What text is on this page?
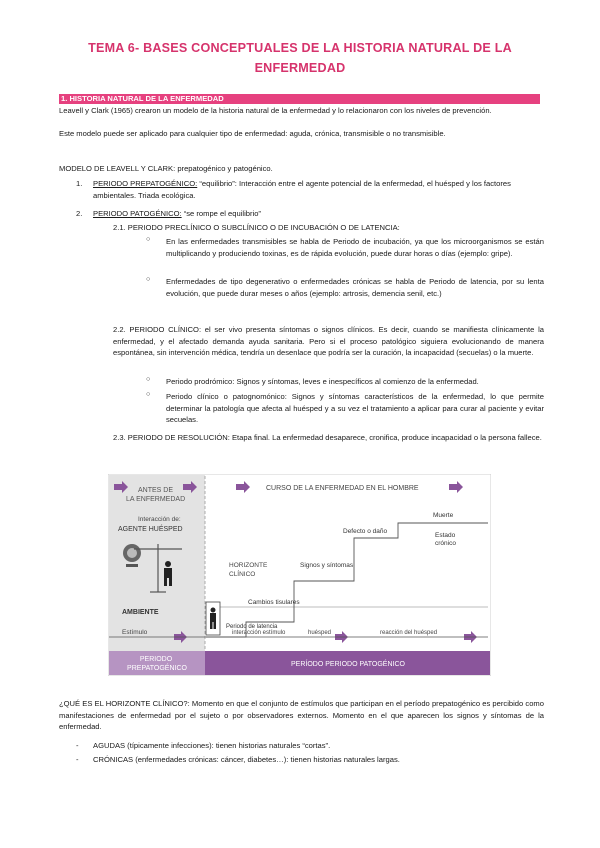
TEMA 6- BASES CONCEPTUALES DE LA HISTORIA NATURAL DE LA ENFERMEDAD
1. HISTORIA NATURAL DE LA ENFERMEDAD

Leavell y Clark (1965) crearon un modelo de la historia natural de la enfermedad y lo relacionaron con los niveles de prevención.

Este modelo puede ser aplicado para cualquier tipo de enfermedad: aguda, crónica, transmisible o no transmisible.

MODELO DE LEAVELL Y CLARK: prepatogénico y patogénico.

1. PERIODO PREPATOGÉNICO: “equilibrio”: Interacción entre el agente potencial de la enfermedad, el huésped y los factores ambientales. Triada ecológica.

2. PERIODO PATOGÉNICO: “se rompe el equilibrio”

2.1. PERIODO PRECLÍNICO O SUBCLÍNICO O DE INCUBACIÓN O DE LATENCIA:

○ En las enfermedades transmisibles se habla de Periodo de incubación, ya que los microorganismos se están multiplicando y produciendo toxinas, es de rápida evolución, puede durar horas o días (ejemplo: gripe).

○ Enfermedades de tipo degenerativo o enfermedades crónicas se habla de Periodo de latencia, por su lenta evolución, que puede durar meses o años (ejemplo: artrosis, demencia senil, etc.)

2.2. PERIODO CLÍNICO: el ser vivo presenta síntomas o signos clínicos. Es decir, cuando se manifiesta clínicamente la enfermedad, y el afectado demanda ayuda sanitaria. Pero si el proceso patológico siguiera evolucionando de manera espontánea, sin intervención médica, tendría un desenlace que podría ser la curación, la incapacidad (secuelas) o la muerte.

○ Periodo prodrómico: Signos y síntomas, leves e inespecíficos al comienzo de la enfermedad.

○ Periodo clínico o patognomónico: Signos y síntomas característicos de la enfermedad, lo que permite determinar la patología que afecta al huésped y a su vez el tratamiento a aplicar para curar al paciente y evitar secuelas.

2.3. PERIODO DE RESOLUCIÓN: Etapa final. La enfermedad desaparece, cronifica, produce incapacidad o la persona fallece.

ANTES DE LA ENFERMEDAD
CURSO DE LA ENFERMEDAD EN EL HOMBRE
Interacción de:
AGENTE HUÉSPED
AMBIENTE
Estímulo
HORIZONTE CLÍNICO
Muerte
Defecto o daño
Estado crónico
Signos y síntomas
Cambios tisulares
Periodo de latencia
interacción estímulo	huésped	reacción del huésped
PERIODO PREPATOGÉNICO
PERÍODO PERIODO PATOGÉNICO

¿QUÉ ES EL HORIZONTE CLÍNICO?: Momento en que el conjunto de estímulos que participan en el período prepatogénico es percibido como manifestaciones de enfermedad por el sujeto o por observadores externos. Momento en el que aparecen los signos y síntomas de la enfermedad.

- AGUDAS (típicamente infecciones): tienen historias naturales “cortas”.

- CRÓNICAS (enfermedades crónicas: cáncer, diabetes…): tienen historias naturales largas.
